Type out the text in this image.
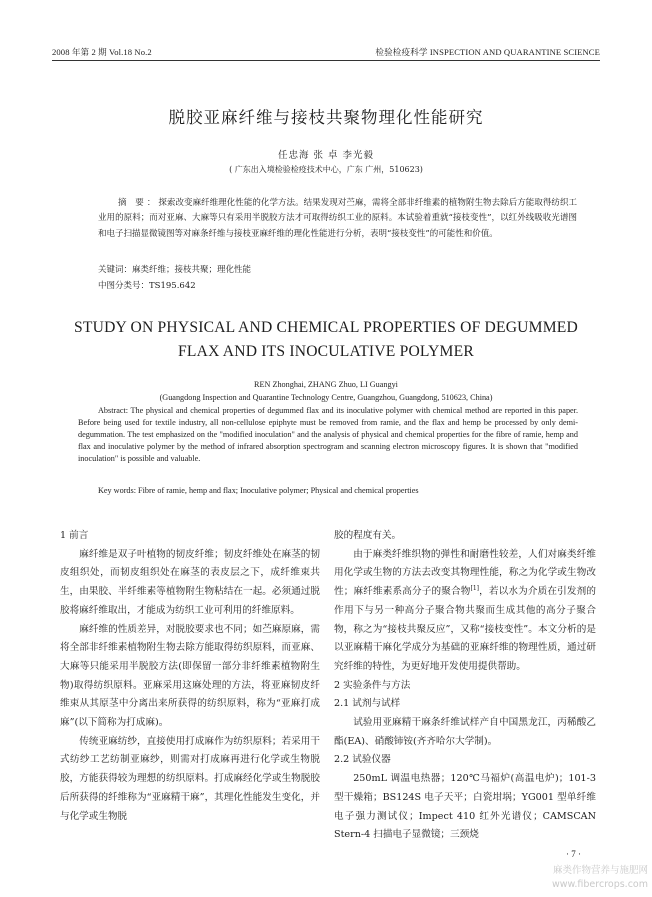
2008 年第 2 期 Vol.18 No.2	检验检疫科学 INSPECTION AND QUARANTINE SCIENCE
脱胶亚麻纤维与接枝共聚物理化性能研究
任忠海 张 卓 李光毅
( 广东出入境检验检疫技术中心，广东 广州，510623)
摘 要：探索改变麻纤维理化性能的化学方法。结果发现对苎麻，需将全部非纤维素的植物附生物去除后方能取得纺织工业用的原料；而对亚麻、大麻等只有采用半脱胶方法才可取得纺织工业的原料。本试验着重就“接枝变性”，以红外线吸收光谱图和电子扫描显微镜图等对麻条纤维与接枝亚麻纤维的理化性能进行分析，表明“接枝变性”的可能性和价值。
关键词：麻类纤维；接枝共聚；理化性能
中图分类号：TS195.642
STUDY ON PHYSICAL AND CHEMICAL PROPERTIES OF DEGUMMED
FLAX AND ITS INOCULATIVE POLYMER
REN Zhonghai, ZHANG Zhuo, LI Guangyi
(Guangdong Inspection and Quarantine Technology Centre, Guangzhou, Guangdong, 510623, China)
Abstract: The physical and chemical properties of degummed flax and its inoculative polymer with chemical method are reported in this paper. Before being used for textile industry, all non-cellulose epiphyte must be removed from ramie, and the flax and hemp be processed by only demi-degummation. The test emphasized on the "modified inoculation" and the analysis of physical and chemical properties for the fibre of ramie, hemp and flax and inoculative polymer by the method of infrared absorption spectrogram and scanning electron microscopy figures. It is shown that "modified inoculation" is possible and valuable.
Key words: Fibre of ramie, hemp and flax; Inoculative polymer; Physical and chemical properties

1 前言

麻纤维是双子叶植物的韧皮纤维；韧皮纤维处在麻茎的韧皮组织处，而韧皮组织处在麻茎的表皮层之下，成纤维束共生，由果胶、半纤维素等植物附生物粘结在一起。必须通过脱胶将麻纤维取出，才能成为纺织工业可利用的纤维原料。

麻纤维的性质差异，对脱胶要求也不同；如苎麻原麻，需将全部非纤维素植物附生物去除方能取得纺织原料，而亚麻、大麻等只能采用半脱胶方法(即保留一部分非纤维素植物附生物)取得纺织原料。亚麻采用这麻处理的方法，将亚麻韧皮纤维束从其原茎中分离出来所获得的纺织原料，称为“亚麻打成麻”(以下简称为打成麻)。

传统亚麻纺纱，直接使用打成麻作为纺织原料；若采用干式纺纱工艺纺制亚麻纱，则需对打成麻再进行化学或生物脱胶，方能获得较为理想的纺织原料。打成麻经化学或生物脱胶后所获得的纤维称为“亚麻精干麻”，其理化性能发生变化，并与化学或生物脱

胶的程度有关。

由于麻类纤维织物的弹性和耐磨性较差，人们对麻类纤维用化学或生物的方法去改变其物理性能，称之为化学或生物改性；麻纤维素系高分子的聚合物[1]，若以水为介质在引发剂的作用下与另一种高分子聚合物共聚而生成其他的高分子聚合物，称之为“接枝共聚反应”，又称“接枝变性”。本文分析的是以亚麻精干麻化学成分为基础的亚麻纤维的物理性质，通过研究纤维的特性，为更好地开发使用提供帮助。

2 实验条件与方法

2.1 试剂与试样

试验用亚麻精干麻条纤维试样产自中国黑龙江，丙稀酸乙酯(EA)、硝酸铈铵(齐齐哈尔大学制)。

2.2 试验仪器

250mL 调温电热器；120℃马福炉(高温电炉)；101-3 型干燥箱；BS124S 电子天平；白瓷坩埚；YG001 型单纤维电子强力测试仪；Impect 410 红外光谱仪；CAMSCAN Stern-4 扫描电子显微镜；三颈烧

· 7 ·
麻类作物营养与施肥网
www.fibercrops.com
